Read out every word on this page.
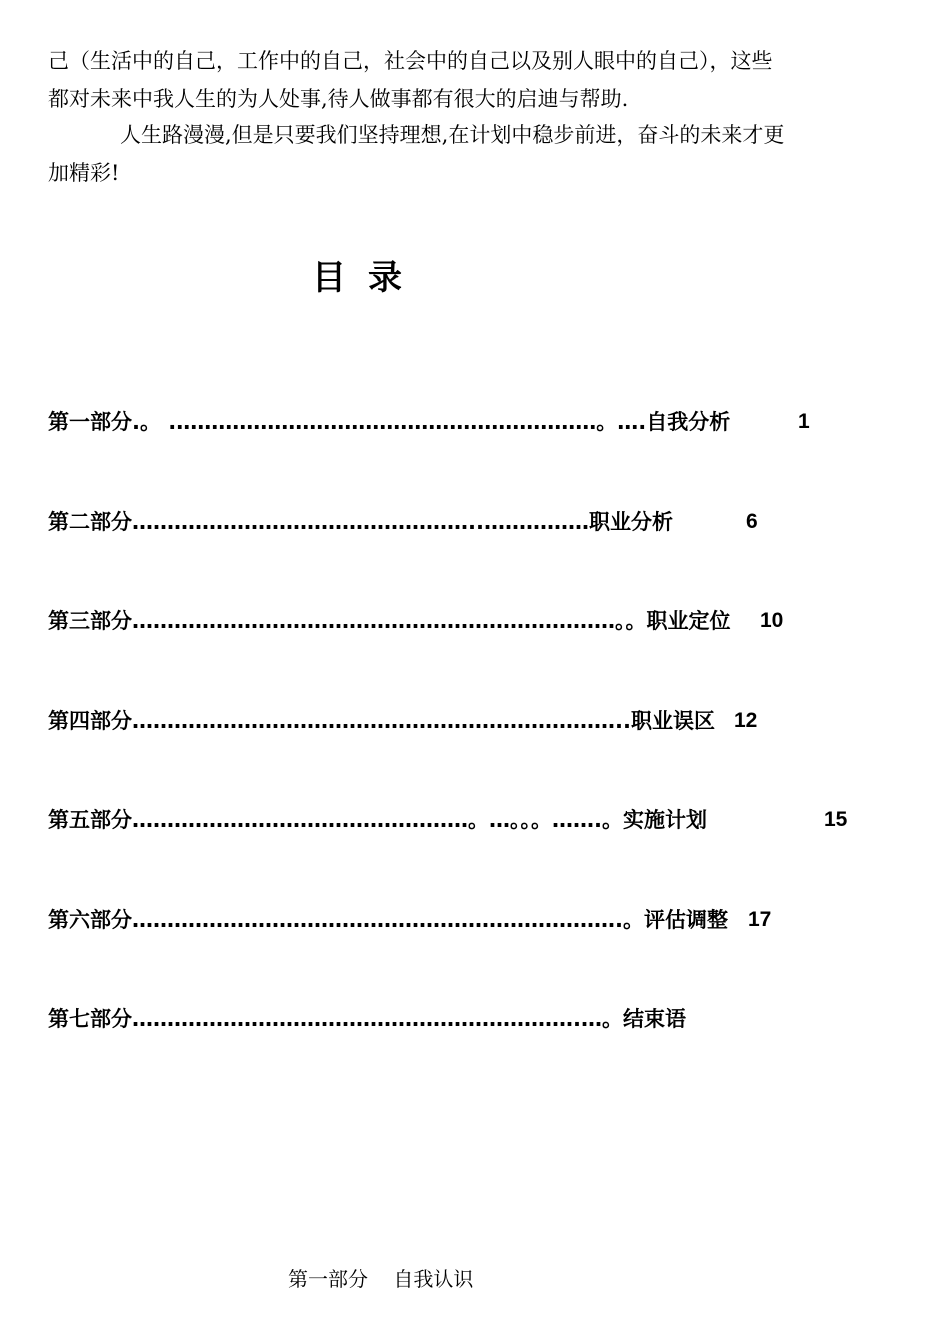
己（生活中的自己，工作中的自己，社会中的自己以及别人眼中的自己），这些
都对未来中我人生的为人处事,待人做事都有很大的启迪与帮助.
人生路漫漫,但是只要我们坚持理想,在计划中稳步前进，奋斗的未来才更
加精彩!
目录
第一部分.。 .……………………………………………………。….自我分析	1
第二部分…………………………………………..……………职业分析	6
第三部分……………………………………………………………。。职业定位 10
第四部分……………………………………………………………..职业误区 12
第五部分…………………………………………。…。。。…….。实施计划	15
第六部分…………………………………………………………….。评估调整 17
第七部分……………………………………………………….…。结束语
第一部分    自我认识
